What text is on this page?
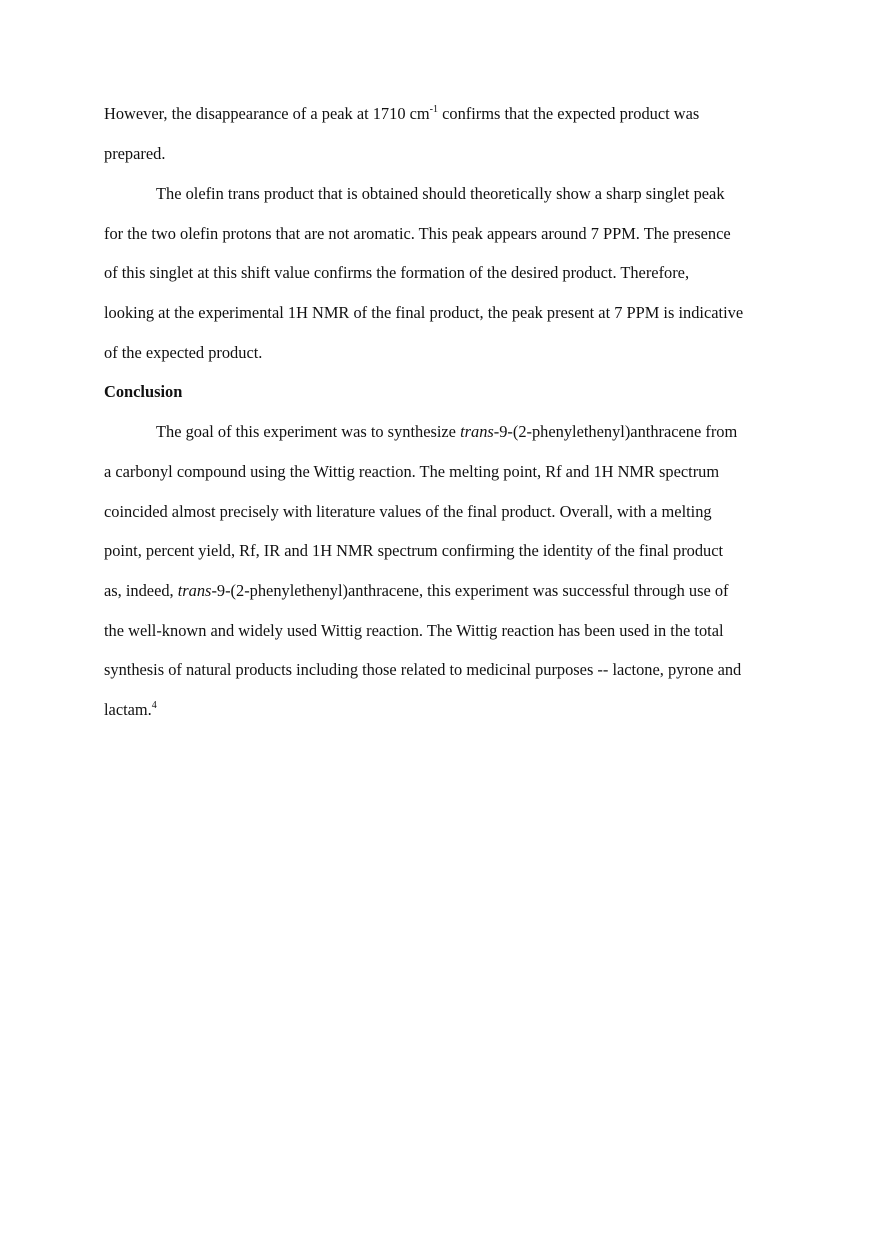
However, the disappearance of a peak at 1710 $cm^{-1}$ confirms that the expected product was
prepared.
The olefin trans product that is obtained should theoretically show a sharp singlet peak
for the two olefin protons that are not aromatic. This peak appears around 7 PPM. The presence
of this singlet at this shift value confirms the formation of the desired product. Therefore,
looking at the experimental 1H NMR of the final product, the peak present at 7 PPM is indicative
of the expected product.
Conclusion
The goal of this experiment was to synthesize trans-9-(2-phenylethenyl)anthracene from
a carbonyl compound using the Wittig reaction. The melting point, Rf and 1H NMR spectrum
coincided almost precisely with literature values of the final product. Overall, with a melting
point, percent yield, Rf, IR and 1H NMR spectrum confirming the identity of the final product
as, indeed, trans-9-(2-phenylethenyl)anthracene, this experiment was successful through use of
the well-known and widely used Wittig reaction. The Wittig reaction has been used in the total
synthesis of natural products including those related to medicinal purposes -- lactone, pyrone and
lactam.$^4$
